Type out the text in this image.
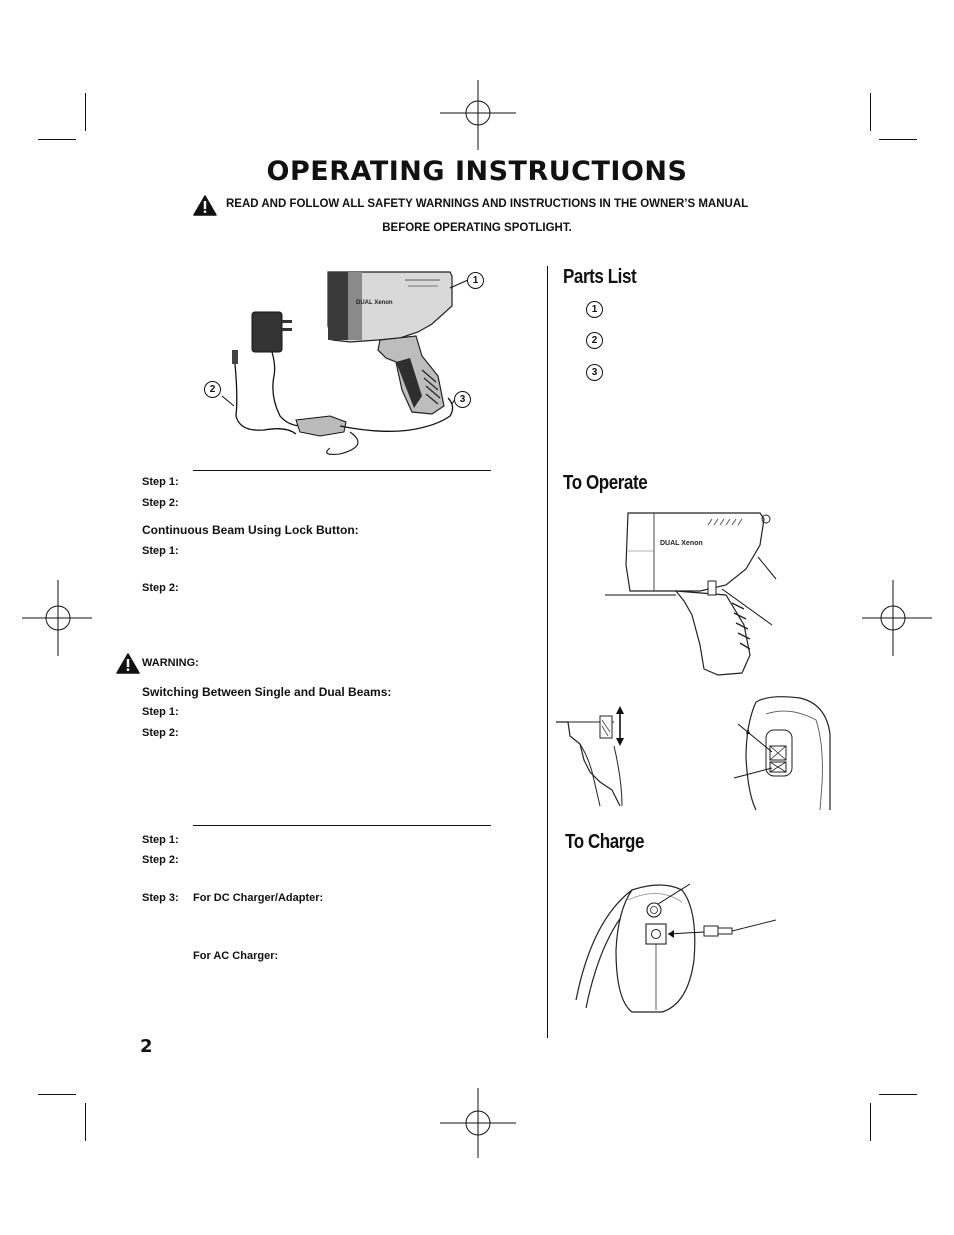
OPERATING INSTRUCTIONS
READ AND FOLLOW ALL SAFETY WARNINGS AND INSTRUCTIONS IN THE OWNER’S MANUAL
BEFORE OPERATING SPOTLIGHT.
DUAL Xenon
1
2
3
Step 1:
Step 2:
Continuous Beam Using Lock Button:
Step 1:
Step 2:
WARNING:
Switching Between Single and Dual Beams:
Step 1:
Step 2:
Step 1:
Step 2:
Step 3: For DC Charger/Adapter:
For AC Charger:
Parts List
1
2
3
To Operate
DUAL Xenon
To Charge
2
